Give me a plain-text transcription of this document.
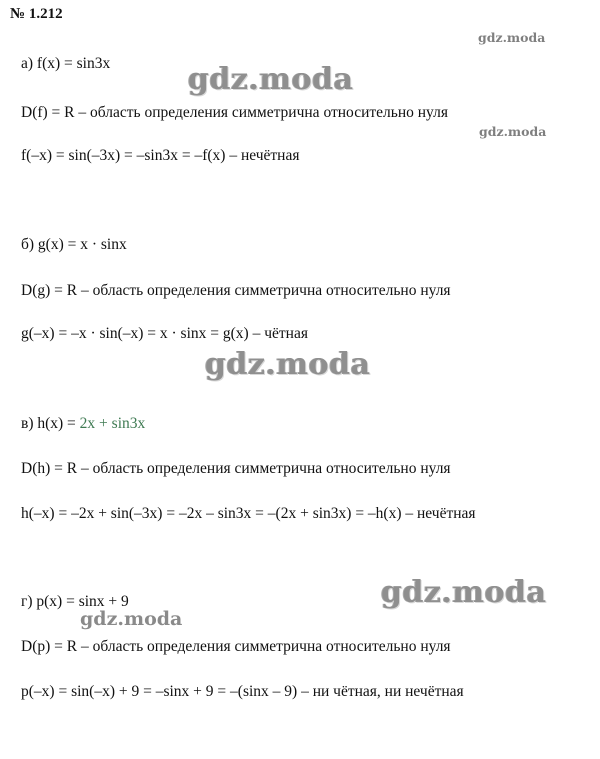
№ 1.212
gdz.moda
gdz.moda
gdz.moda
gdz.moda
gdz.moda
gdz.moda
а) f(x) = sin3x
D(f) = R – область определения симметрична относительно нуля
f(–x) = sin(–3x) = –sin3x = –f(x) – нечётная
б) g(x) = x · sinx
D(g) = R – область определения симметрична относительно нуля
g(–x) = –x · sin(–x) = x · sinx = g(x) – чётная
в) h(x) = 2x + sin3x
D(h) = R – область определения симметрична относительно нуля
h(–x) = –2x + sin(–3x) = –2x – sin3x = –(2x + sin3x) = –h(x) – нечётная
г) p(x) = sinx + 9
D(p) = R – область определения симметрична относительно нуля
p(–x) = sin(–x) + 9 = –sinx + 9 = –(sinx – 9) – ни чётная, ни нечётная
